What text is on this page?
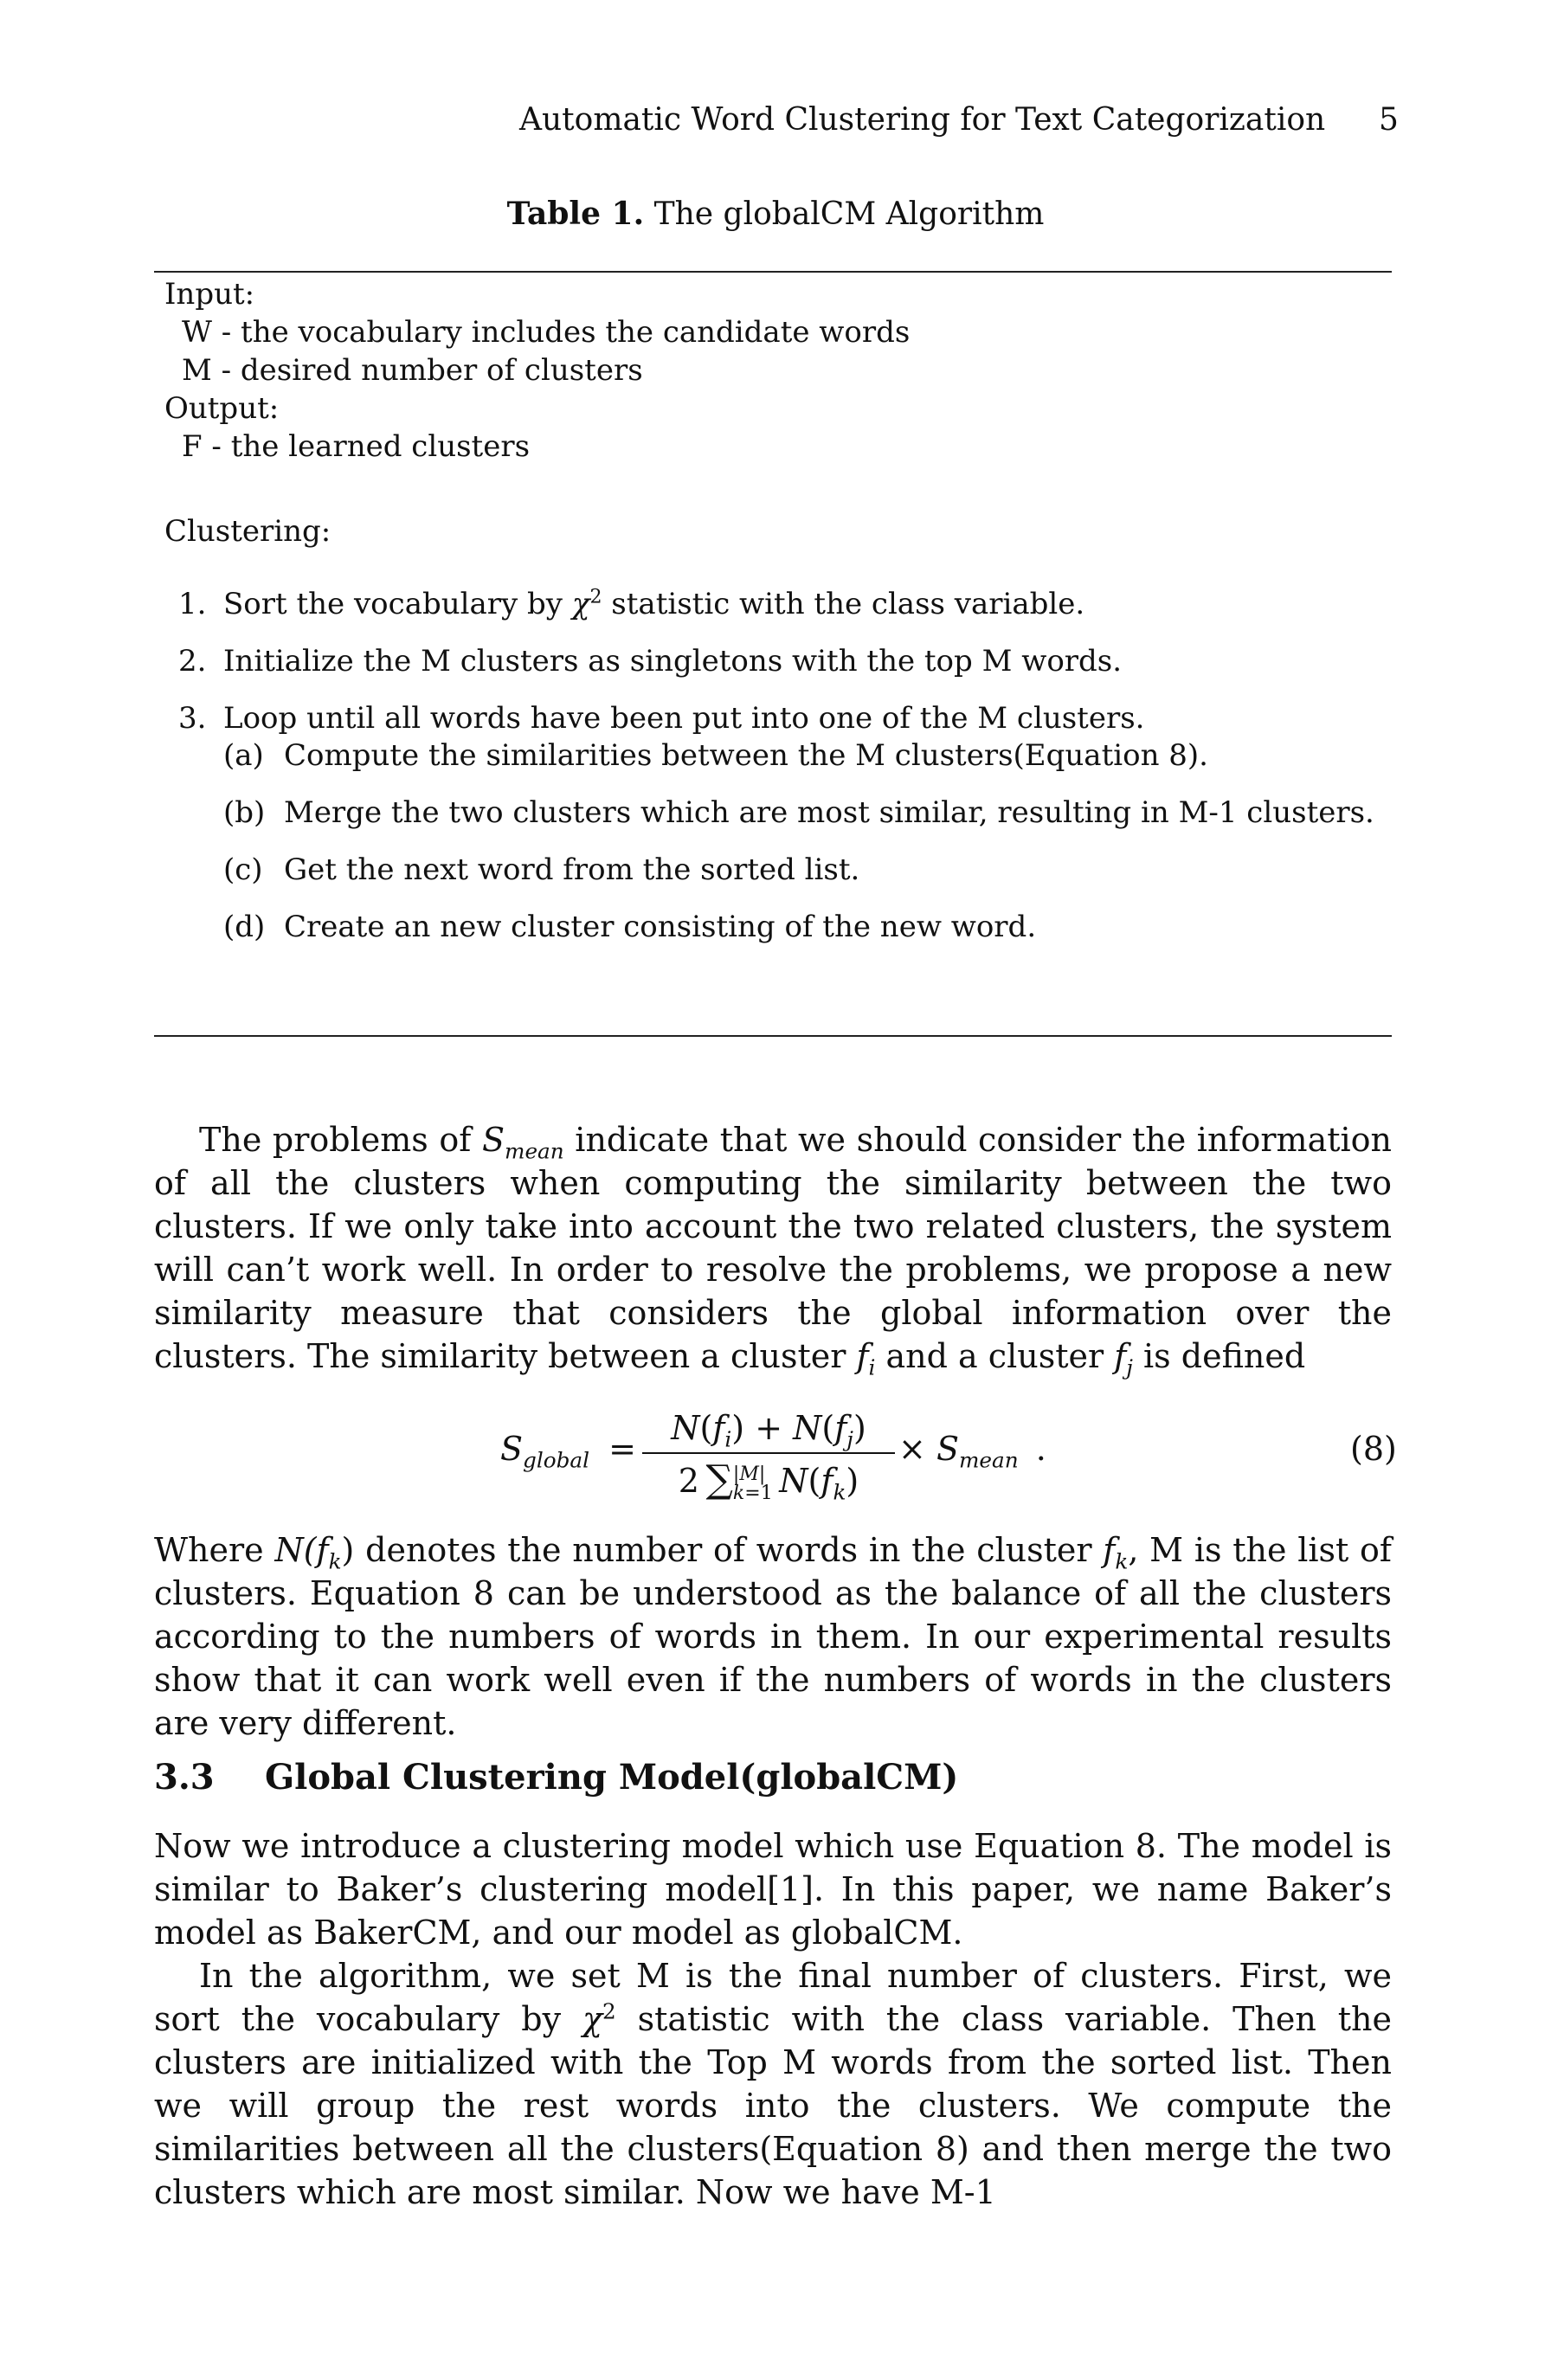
Automatic Word Clustering for Text Categorization 5
Table 1. The globalCM Algorithm
Input:
W - the vocabulary includes the candidate words
M - desired number of clusters
Output:
F - the learned clusters
Clustering:
1. Sort the vocabulary by $\chi^2$ statistic with the class variable.
2. Initialize the M clusters as singletons with the top M words.
3. Loop until all words have been put into one of the M clusters.
(a) Compute the similarities between the M clusters(Equation 8).
(b) Merge the two clusters which are most similar, resulting in M-1 clusters.
(c) Get the next word from the sorted list.
(d) Create an new cluster consisting of the new word.

The problems of $S_{mean}$ indicate that we should consider the information of all the clusters when computing the similarity between the two clusters. If we only take into account the two related clusters, the system will can’t work well. In order to resolve the problems, we propose a new similarity measure that considers the global information over the clusters. The similarity between a cluster $f_i$ and a cluster $f_j$ is defined

$S_{global}$ =
$N(f_i) + N(f_j)$
2 ∑|M|
k=1  $N(f_k)$
× $S_{mean}$ .	(8)

Where $N(f_k)$ denotes the number of words in the cluster $f_k$, M is the list of clusters. Equation 8 can be understood as the balance of all the clusters according to the numbers of words in them. In our experimental results show that it can work well even if the numbers of words in the clusters are very different.

3.3 Global Clustering Model(globalCM)

Now we introduce a clustering model which use Equation 8. The model is similar to Baker’s clustering model[1]. In this paper, we name Baker’s model as BakerCM, and our model as globalCM.

In the algorithm, we set M is the final number of clusters. First, we sort the vocabulary by $\chi^2$ statistic with the class variable. Then the clusters are initialized with the Top M words from the sorted list. Then we will group the rest words into the clusters. We compute the similarities between all the clusters(Equation 8) and then merge the two clusters which are most similar. Now we have M-1
